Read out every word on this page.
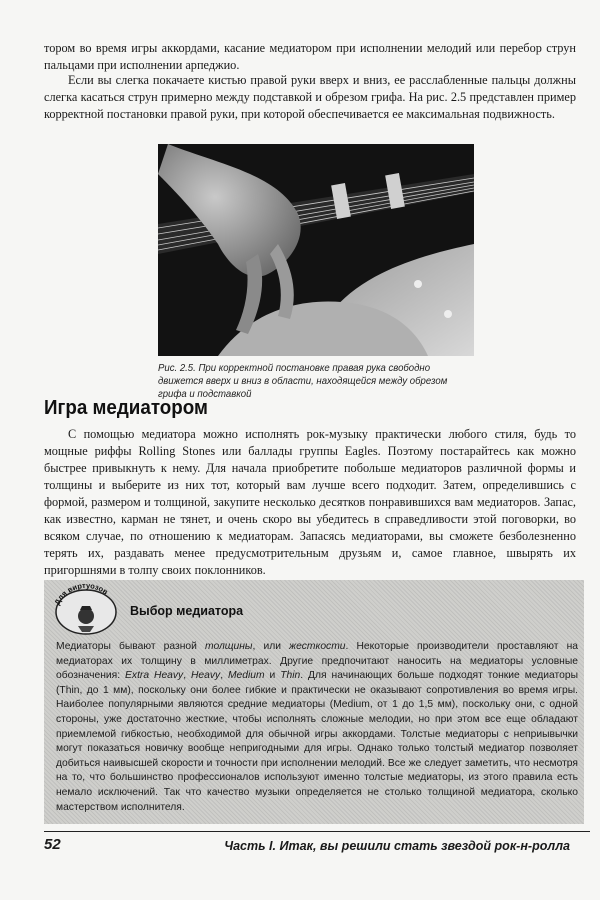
тором во время игры аккордами, касание медиатором при исполнении мелодий или перебор струн пальцами при исполнении арпеджио.

Если вы слегка покачаете кистью правой руки вверх и вниз, ее расслабленные пальцы должны слегка касаться струн примерно между подставкой и обрезом грифа. На рис. 2.5 представлен пример корректной постановки правой руки, при которой обеспечивается ее максимальная подвижность.

Рис. 2.5. При корректной постановке правая рука свободно движется вверх и вниз в области, находящейся между обрезом грифа и подставкой
Игра медиатором

С помощью медиатора можно исполнять рок-музыку практически любого стиля, будь то мощные риффы Rolling Stones или баллады группы Eagles. Поэтому постарайтесь как можно быстрее привыкнуть к нему. Для начала приобретите побольше медиаторов различной формы и толщины и выберите из них тот, который вам лучше всего подходит. Затем, определившись с формой, размером и толщиной, закупите несколько десятков понравившихся вам медиаторов. Запас, как известно, карман не тянет, и очень скоро вы убедитесь в справедливости этой поговорки, во всяком случае, по отношению к медиаторам. Запасясь медиаторами, вы сможете безболезненно терять их, раздавать менее предусмотрительным друзьям и, самое главное, швырять их пригоршнями в толпу своих поклонников.

Для виртуозов
Выбор медиатора

Медиаторы бывают разной толщины, или жесткости. Некоторые производители проставляют на медиаторах их толщину в миллиметрах. Другие предпочитают наносить на медиаторы условные обозначения: Extra Heavy, Heavy, Medium и Thin. Для начинающих больше подходят тонкие медиаторы (Thin, до 1 мм), поскольку они более гибкие и практически не оказывают сопротивления во время игры. Наиболее популярными являются средние медиаторы (Medium, от 1 до 1,5 мм), поскольку они, с одной стороны, уже достаточно жесткие, чтобы исполнять сложные мелодии, но при этом все еще обладают приемлемой гибкостью, необходимой для обычной игры аккордами. Толстые медиаторы с неприывычки могут показаться новичку вообще непригодными для игры. Однако только толстый медиатор позволяет добиться наивысшей скорости и точности при исполнении мелодий. Все же следует заметить, что несмотря на то, что большинство профессионалов используют именно толстые медиаторы, из этого правила есть немало исключений. Так что качество музыки определяется не столько толщиной медиатора, сколько мастерством исполнителя.

52	Часть I. Итак, вы решили стать звездой рок-н-ролла
